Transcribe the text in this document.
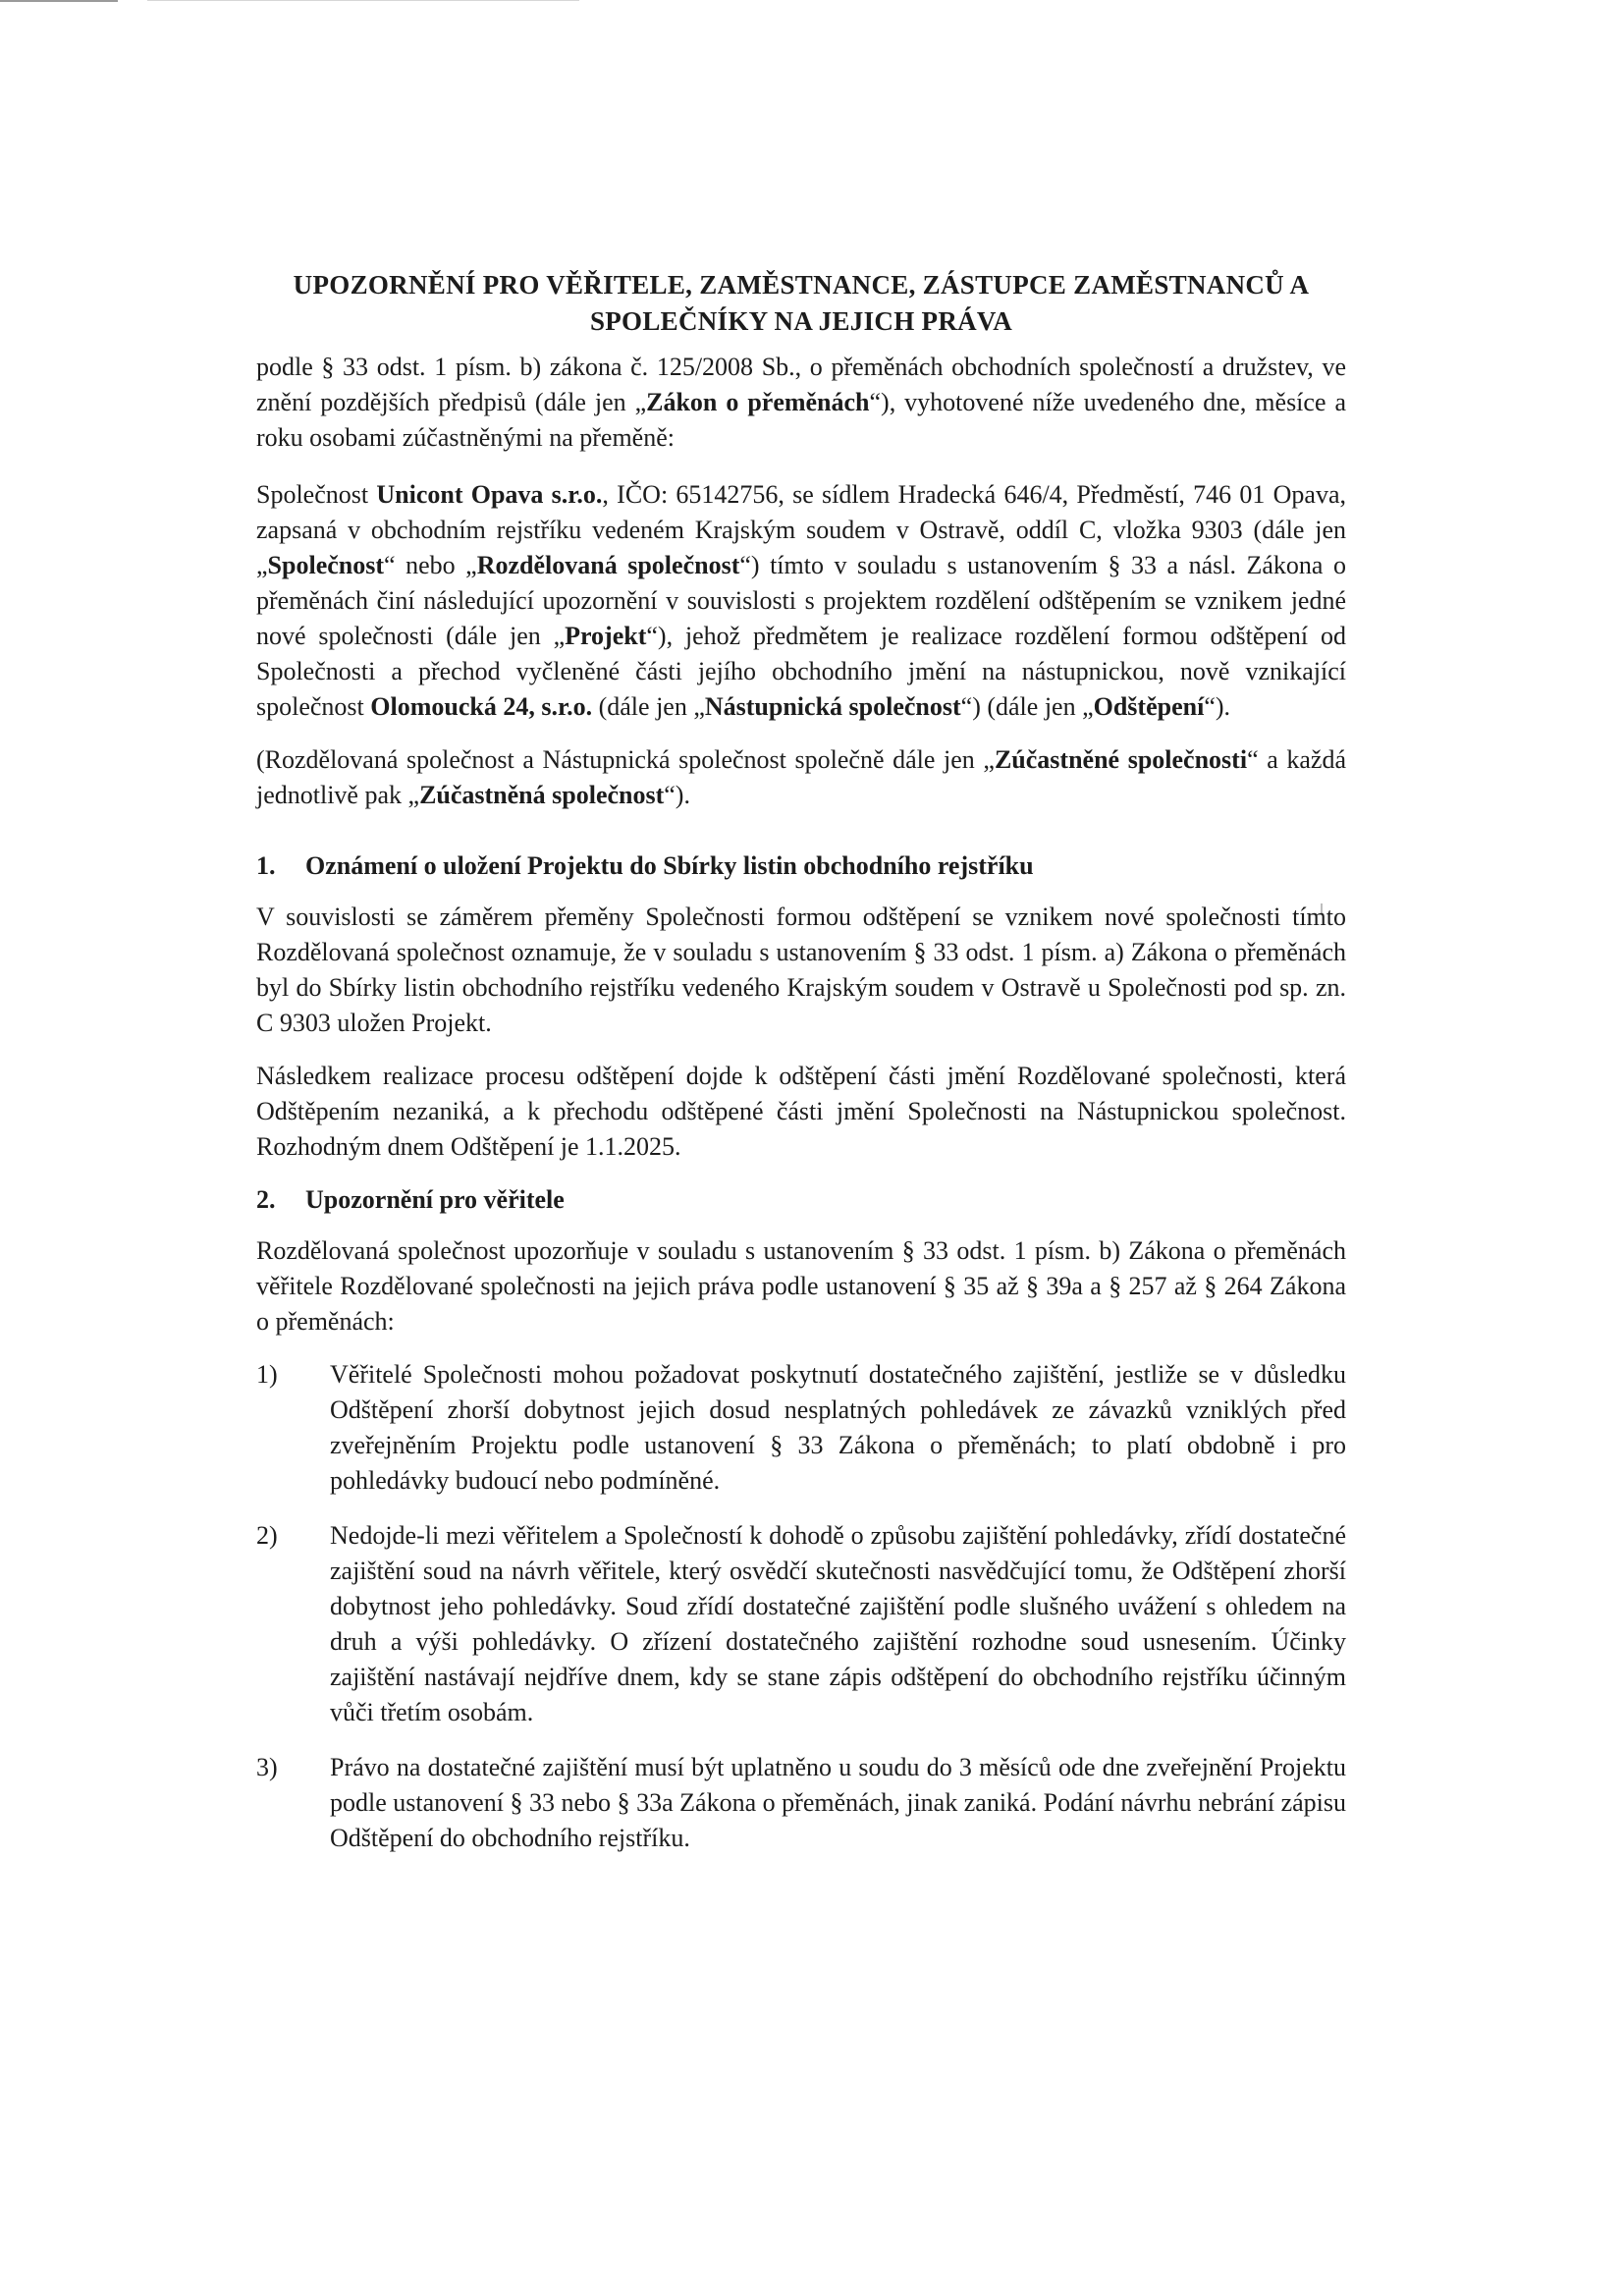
UPOZORNĚNÍ PRO VĚŘITELE, ZAMĚSTNANCE, ZÁSTUPCE ZAMĚSTNANCŮ A SPOLEČNÍKY NA JEJICH PRÁVA

podle § 33 odst. 1 písm. b) zákona č. 125/2008 Sb., o přeměnách obchodních společností a družstev, ve znění pozdějších předpisů (dále jen „Zákon o přeměnách“), vyhotovené níže uvedeného dne, měsíce a roku osobami zúčastněnými na přeměně:

Společnost Unicont Opava s.r.o., IČO: 65142756, se sídlem Hradecká 646/4, Předměstí, 746 01 Opava, zapsaná v obchodním rejstříku vedeném Krajským soudem v Ostravě, oddíl C, vložka 9303 (dále jen „Společnost“ nebo „Rozdělovaná společnost“) tímto v souladu s ustanovením § 33 a násl. Zákona o přeměnách činí následující upozornění v souvislosti s projektem rozdělení odštěpením se vznikem jedné nové společnosti (dále jen „Projekt“), jehož předmětem je realizace rozdělení formou odštěpení od Společnosti a přechod vyčleněné části jejího obchodního jmění na nástupnickou, nově vznikající společnost Olomoucká 24, s.r.o. (dále jen „Nástupnická společnost“) (dále jen „Odštěpení“).

(Rozdělovaná společnost a Nástupnická společnost společně dále jen „Zúčastněné společnosti“ a každá jednotlivě pak „Zúčastněná společnost“).

1.	Oznámení o uložení Projektu do Sbírky listin obchodního rejstříku

V souvislosti se záměrem přeměny Společnosti formou odštěpení se vznikem nové společnosti tímto Rozdělovaná společnost oznamuje, že v souladu s ustanovením § 33 odst. 1 písm. a) Zákona o přeměnách byl do Sbírky listin obchodního rejstříku vedeného Krajským soudem v Ostravě u Společnosti pod sp. zn. C 9303 uložen Projekt.

Následkem realizace procesu odštěpení dojde k odštěpení části jmění Rozdělované společnosti, která Odštěpením nezaniká, a k přechodu odštěpené části jmění Společnosti na Nástupnickou společnost. Rozhodným dnem Odštěpení je 1.1.2025.

2.	Upozornění pro věřitele

Rozdělovaná společnost upozorňuje v souladu s ustanovením § 33 odst. 1 písm. b) Zákona o přeměnách věřitele Rozdělované společnosti na jejich práva podle ustanovení § 35 až § 39a a § 257 až § 264 Zákona o přeměnách:

1)	Věřitelé Společnosti mohou požadovat poskytnutí dostatečného zajištění, jestliže se v důsledku Odštěpení zhorší dobytnost jejich dosud nesplatných pohledávek ze závazků vzniklých před zveřejněním Projektu podle ustanovení § 33 Zákona o přeměnách; to platí obdobně i pro pohledávky budoucí nebo podmíněné.
2)	Nedojde-li mezi věřitelem a Společností k dohodě o způsobu zajištění pohledávky, zřídí dostatečné zajištění soud na návrh věřitele, který osvědčí skutečnosti nasvědčující tomu, že Odštěpení zhorší dobytnost jeho pohledávky. Soud zřídí dostatečné zajištění podle slušného uvážení s ohledem na druh a výši pohledávky. O zřízení dostatečného zajištění rozhodne soud usnesením. Účinky zajištění nastávají nejdříve dnem, kdy se stane zápis odštěpení do obchodního rejstříku účinným vůči třetím osobám.
3)	Právo na dostatečné zajištění musí být uplatněno u soudu do 3 měsíců ode dne zveřejnění Projektu podle ustanovení § 33 nebo § 33a Zákona o přeměnách, jinak zaniká. Podání návrhu nebrání zápisu Odštěpení do obchodního rejstříku.
